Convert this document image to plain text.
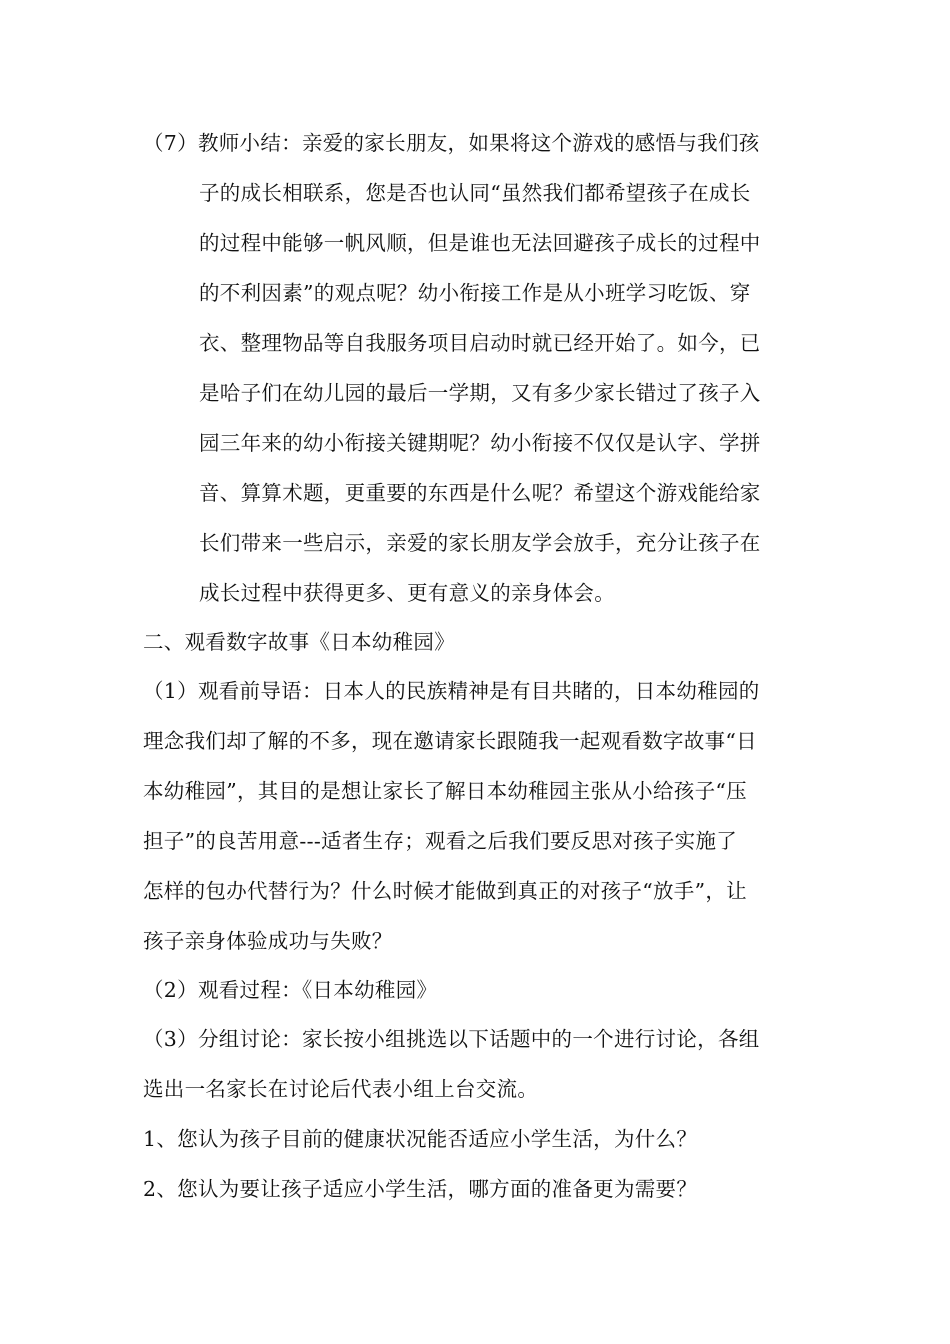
（7）教师小结：亲爱的家长朋友，如果将这个游戏的感悟与我们孩
子的成长相联系，您是否也认同“虽然我们都希望孩子在成长
的过程中能够一帆风顺，但是谁也无法回避孩子成长的过程中
的不利因素”的观点呢？幼小衔接工作是从小班学习吃饭、穿
衣、整理物品等自我服务项目启动时就已经开始了。如今，已
是哈子们在幼儿园的最后一学期，又有多少家长错过了孩子入
园三年来的幼小衔接关键期呢？幼小衔接不仅仅是认字、学拼
音、算算术题，更重要的东西是什么呢？希望这个游戏能给家
长们带来一些启示，亲爱的家长朋友学会放手，充分让孩子在
成长过程中获得更多、更有意义的亲身体会。
二、观看数字故事《日本幼稚园》
（1）观看前导语：日本人的民族精神是有目共睹的，日本幼稚园的
理念我们却了解的不多，现在邀请家长跟随我一起观看数字故事“日
本幼稚园”，其目的是想让家长了解日本幼稚园主张从小给孩子“压
担子”的良苦用意---适者生存；观看之后我们要反思对孩子实施了
怎样的包办代替行为？什么时候才能做到真正的对孩子“放手”，让
孩子亲身体验成功与失败？
（2）观看过程：《日本幼稚园》
（3）分组讨论：家长按小组挑选以下话题中的一个进行讨论，各组
选出一名家长在讨论后代表小组上台交流。
1、您认为孩子目前的健康状况能否适应小学生活，为什么？
2、您认为要让孩子适应小学生活，哪方面的准备更为需要？
